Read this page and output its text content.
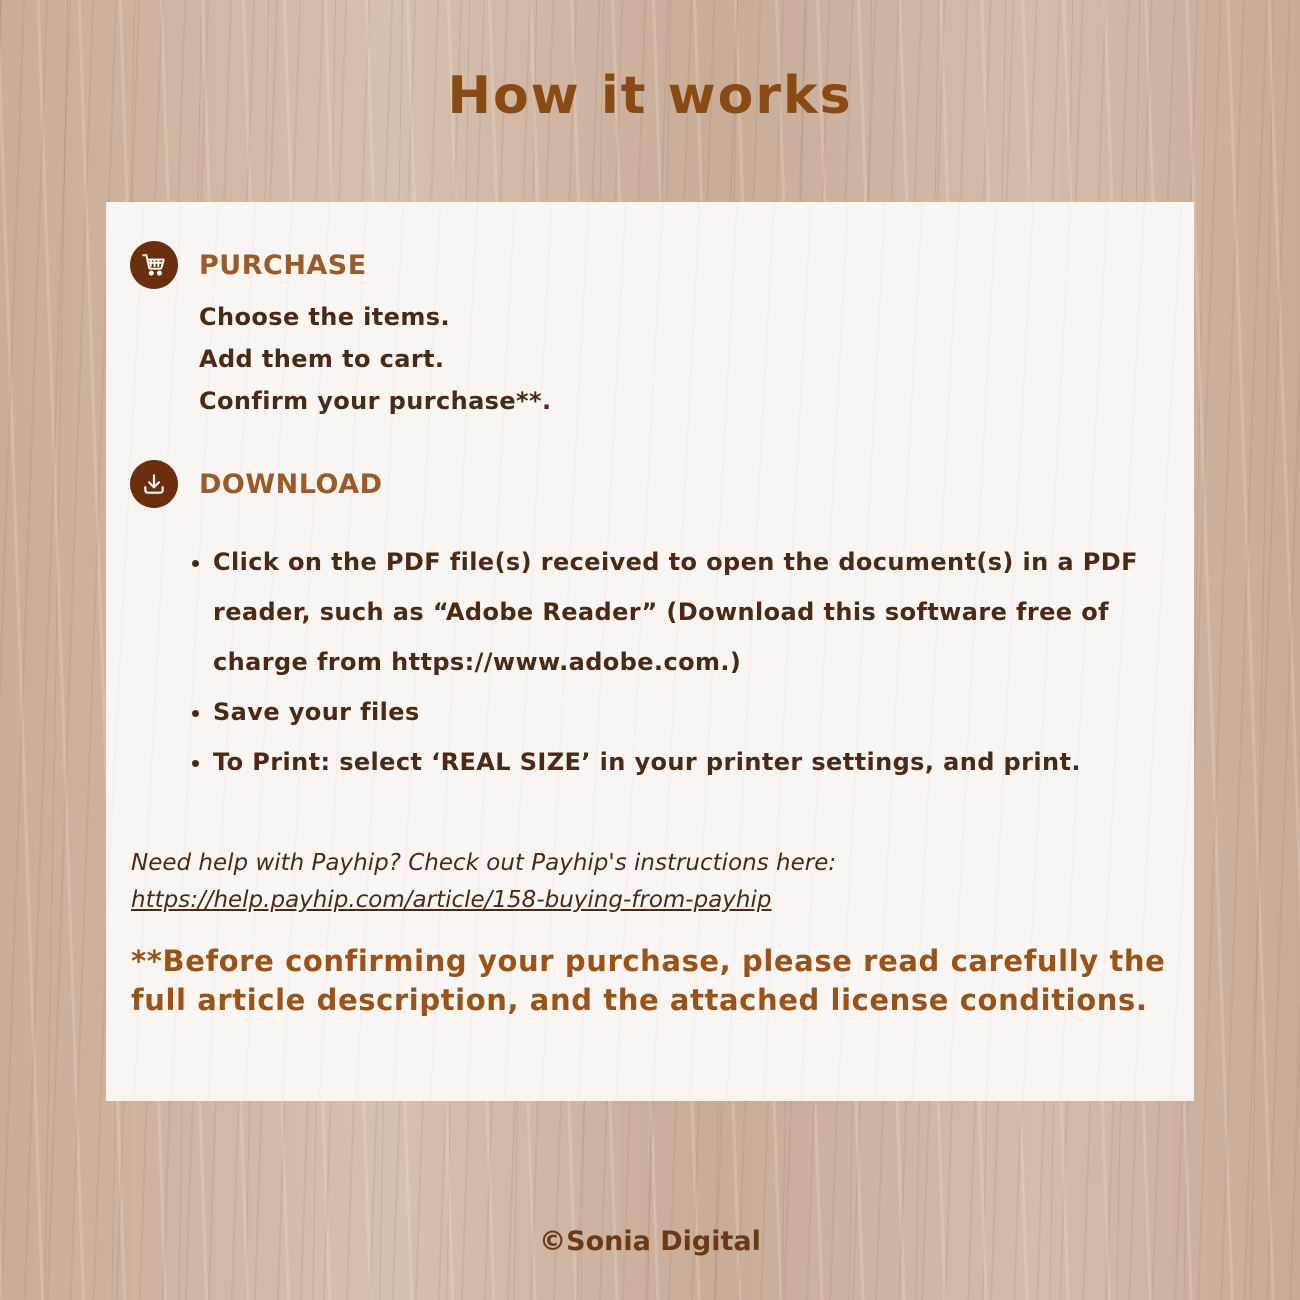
How it works
PURCHASE
Choose the items.
Add them to cart.
Confirm your purchase**.
DOWNLOAD
• Click on the PDF file(s) received to open the document(s) in a PDF reader, such as “Adobe Reader” (Download this software free of charge from https://www.adobe.com.)
• Save your files
• To Print: select ‘REAL SIZE’ in your printer settings, and print.
Need help with Payhip? Check out Payhip's instructions here:
https://help.payhip.com/article/158-buying-from-payhip
**Before confirming your purchase, please read carefully the full article description, and the attached license conditions.
©Sonia Digital
